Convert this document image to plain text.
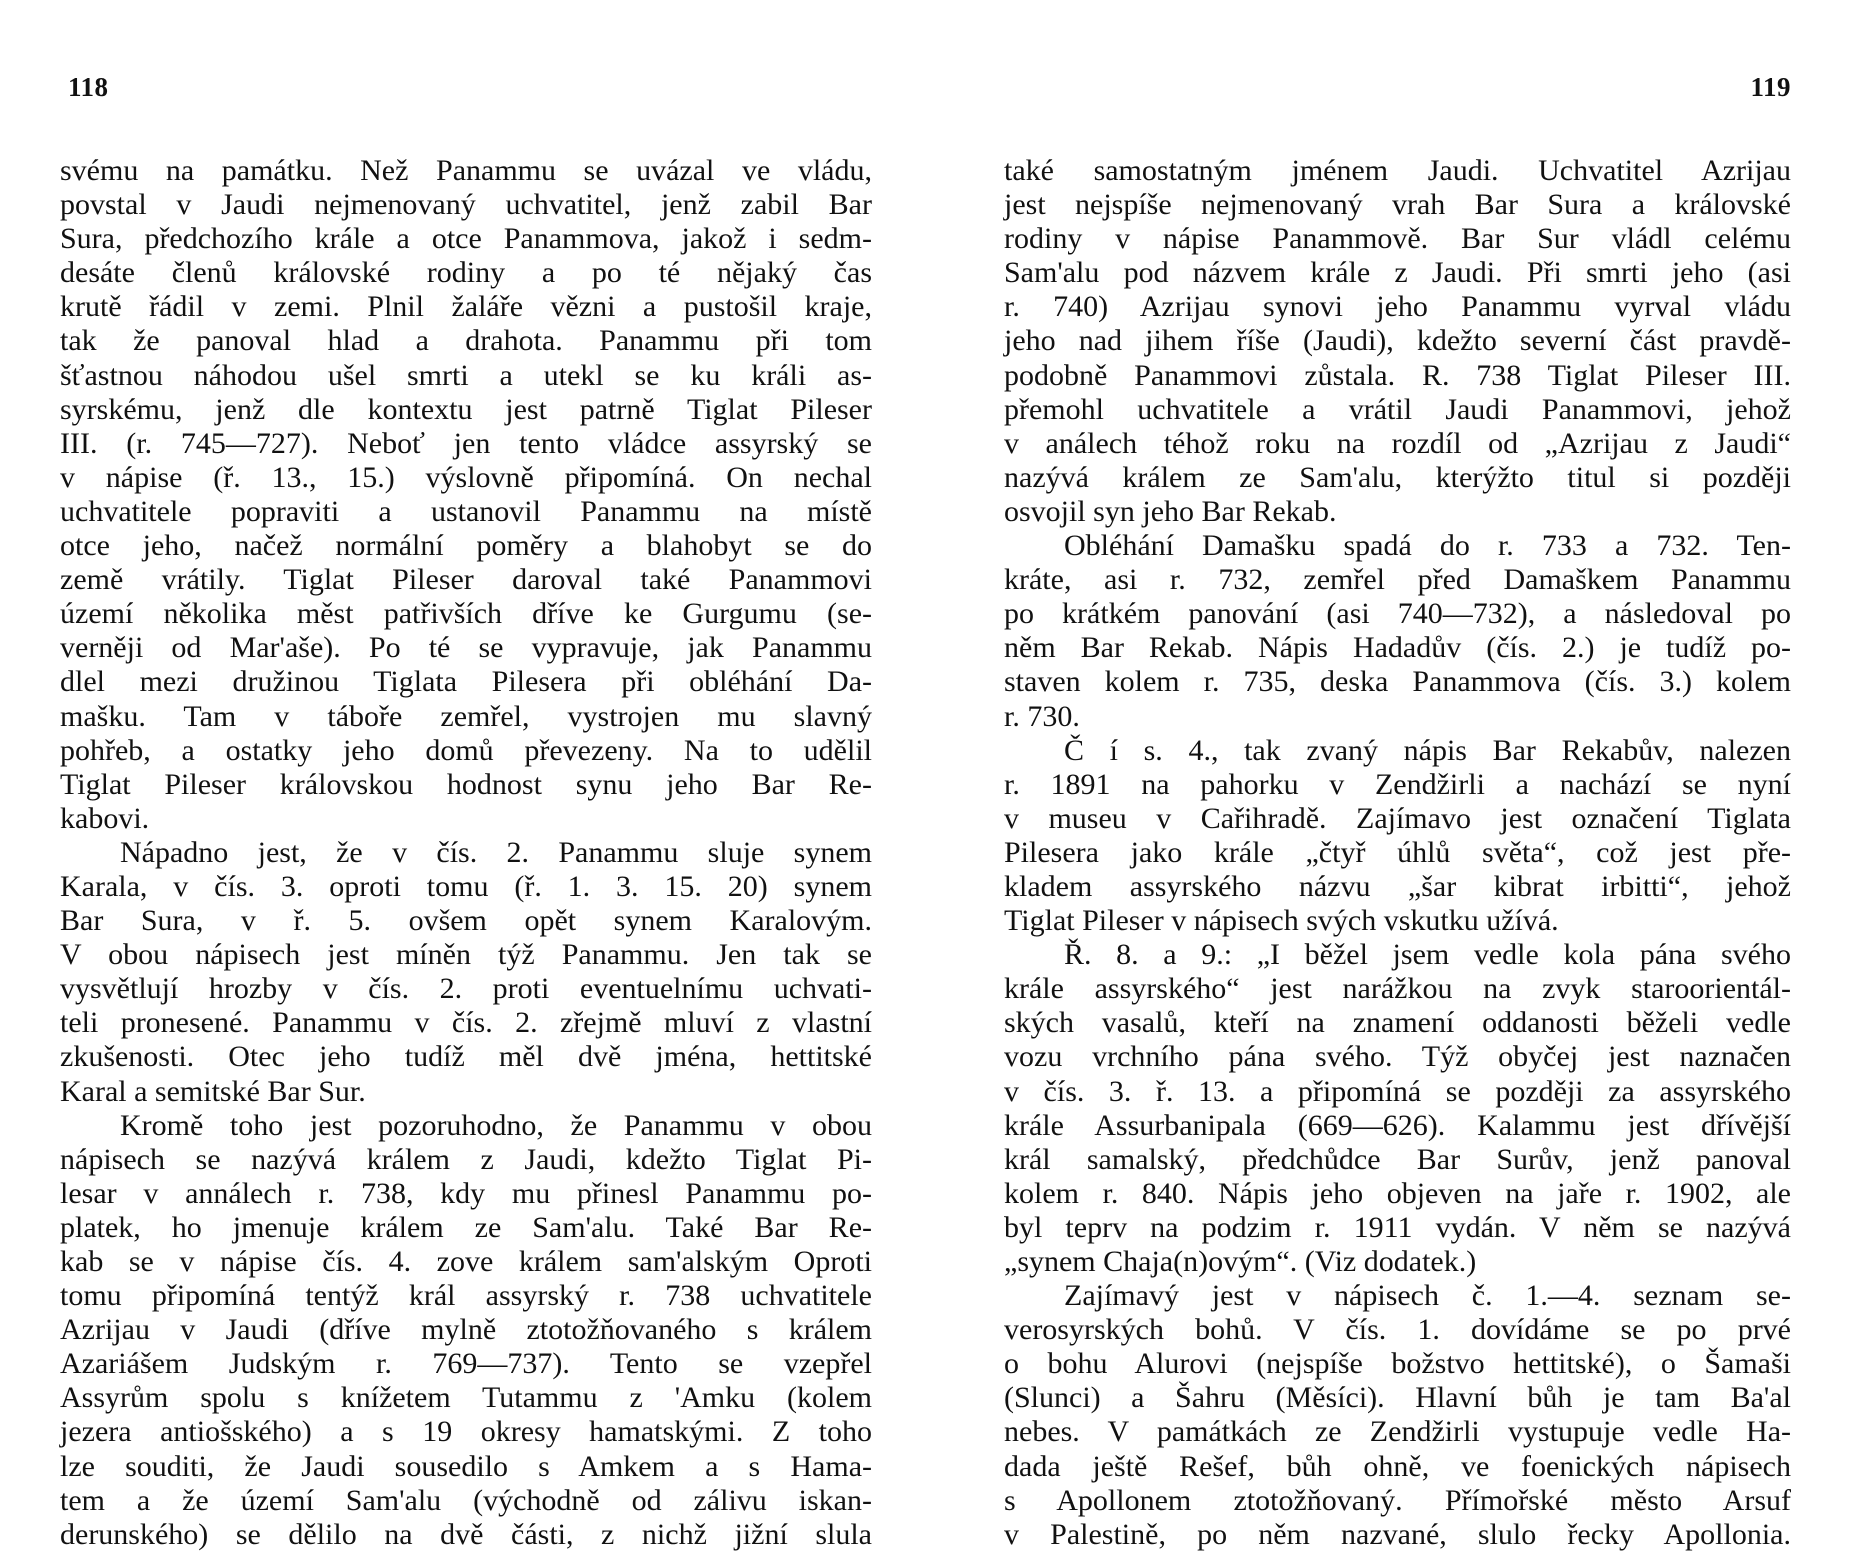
118
svému na památku. Než Panammu se uvázal ve vládu,
povstal v Jaudi nejmenovaný uchvatitel, jenž zabil Bar
Sura, předchozího krále a otce Panammova, jakož i sedm-
desáte členů královské rodiny a po té nějaký čas
krutě řádil v zemi. Plnil žaláře vězni a pustošil kraje,
tak že panoval hlad a drahota. Panammu při tom
šťastnou náhodou ušel smrti a utekl se ku králi as-
syrskému, jenž dle kontextu jest patrně Tiglat Pileser
III. (r. 745—727). Neboť jen tento vládce assyrský se
v nápise (ř. 13., 15.) výslovně připomíná. On nechal
uchvatitele popraviti a ustanovil Panammu na místě
otce jeho, načež normální poměry a blahobyt se do
země vrátily. Tiglat Pileser daroval také Panammovi
území několika měst patřivších dříve ke Gurgumu (se-
verněji od Mar'aše). Po té se vypravuje, jak Panammu
dlel mezi družinou Tiglata Pilesera při obléhání Da-
mašku. Tam v táboře zemřel, vystrojen mu slavný
pohřeb, a ostatky jeho domů převezeny. Na to udělil
Tiglat Pileser královskou hodnost synu jeho Bar Re-
kabovi.
Nápadno jest, že v čís. 2. Panammu sluje synem
Karala, v čís. 3. oproti tomu (ř. 1. 3. 15. 20) synem
Bar Sura, v ř. 5. ovšem opět synem Karalovým.
V obou nápisech jest míněn týž Panammu. Jen tak se
vysvětlují hrozby v čís. 2. proti eventuelnímu uchvati-
teli pronesené. Panammu v čís. 2. zřejmě mluví z vlastní
zkušenosti. Otec jeho tudíž měl dvě jména, hettitské
Karal a semitské Bar Sur.
Kromě toho jest pozoruhodno, že Panammu v obou
nápisech se nazývá králem z Jaudi, kdežto Tiglat Pi-
lesar v annálech r. 738, kdy mu přinesl Panammu po-
platek, ho jmenuje králem ze Sam'alu. Také Bar Re-
kab se v nápise čís. 4. zove králem sam'alským Oproti
tomu připomíná tentýž král assyrský r. 738 uchvatitele
Azrijau v Jaudi (dříve mylně ztotožňovaného s králem
Azariášem Judským r. 769—737). Tento se vzepřel
Assyrům spolu s knížetem Tutammu z 'Amku (kolem
jezera antiošského) a s 19 okresy hamatskými. Z toho
lze souditi, že Jaudi sousedilo s Amkem a s Hama-
tem a že území Sam'alu (východně od zálivu iskan-
derunského) se dělilo na dvě části, z nichž jižní slula
119
také samostatným jménem Jaudi. Uchvatitel Azrijau
jest nejspíše nejmenovaný vrah Bar Sura a královské
rodiny v nápise Panammově. Bar Sur vládl celému
Sam'alu pod názvem krále z Jaudi. Při smrti jeho (asi
r. 740) Azrijau synovi jeho Panammu vyrval vládu
jeho nad jihem říše (Jaudi), kdežto severní část pravdě-
podobně Panammovi zůstala. R. 738 Tiglat Pileser III.
přemohl uchvatitele a vrátil Jaudi Panammovi, jehož
v análech téhož roku na rozdíl od „Azrijau z Jaudi“
nazývá králem ze Sam'alu, kterýžto titul si později
osvojil syn jeho Bar Rekab.
Obléhání Damašku spadá do r. 733 a 732. Ten-
kráte, asi r. 732, zemřel před Damaškem Panammu
po krátkém panování (asi 740—732), a následoval po
něm Bar Rekab. Nápis Hadadův (čís. 2.) je tudíž po-
staven kolem r. 735, deska Panammova (čís. 3.) kolem
r. 730.
Č í s. 4., tak zvaný nápis Bar Rekabův, nalezen
r. 1891 na pahorku v Zendžirli a nachází se nyní
v museu v Cařihradě. Zajímavo jest označení Tiglata
Pilesera jako krále „čtyř úhlů světa“, což jest pře-
kladem assyrského názvu „šar kibrat irbitti“, jehož
Tiglat Pileser v nápisech svých vskutku užívá.
Ř. 8. a 9.: „I běžel jsem vedle kola pána svého
krále assyrského“ jest narážkou na zvyk staroorientál-
ských vasalů, kteří na znamení oddanosti běželi vedle
vozu vrchního pána svého. Týž obyčej jest naznačen
v čís. 3. ř. 13. a připomíná se později za assyrského
krále Assurbanipala (669—626). Kalammu jest dřívější
král samalský, předchůdce Bar Surův, jenž panoval
kolem r. 840. Nápis jeho objeven na jaře r. 1902, ale
byl teprv na podzim r. 1911 vydán. V něm se nazývá
„synem Chaja(n)ovým“. (Viz dodatek.)
Zajímavý jest v nápisech č. 1.—4. seznam se-
verosyrských bohů. V čís. 1. dovídáme se po prvé
o bohu Alurovi (nejspíše božstvo hettitské), o Šamaši
(Slunci) a Šahru (Měsíci). Hlavní bůh je tam Ba'al
nebes. V památkách ze Zendžirli vystupuje vedle Ha-
dada ještě Rešef, bůh ohně, ve foenických nápisech
s Apollonem ztotožňovaný. Přímořské město Arsuf
v Palestině, po něm nazvané, slulo řecky Apollonia.
